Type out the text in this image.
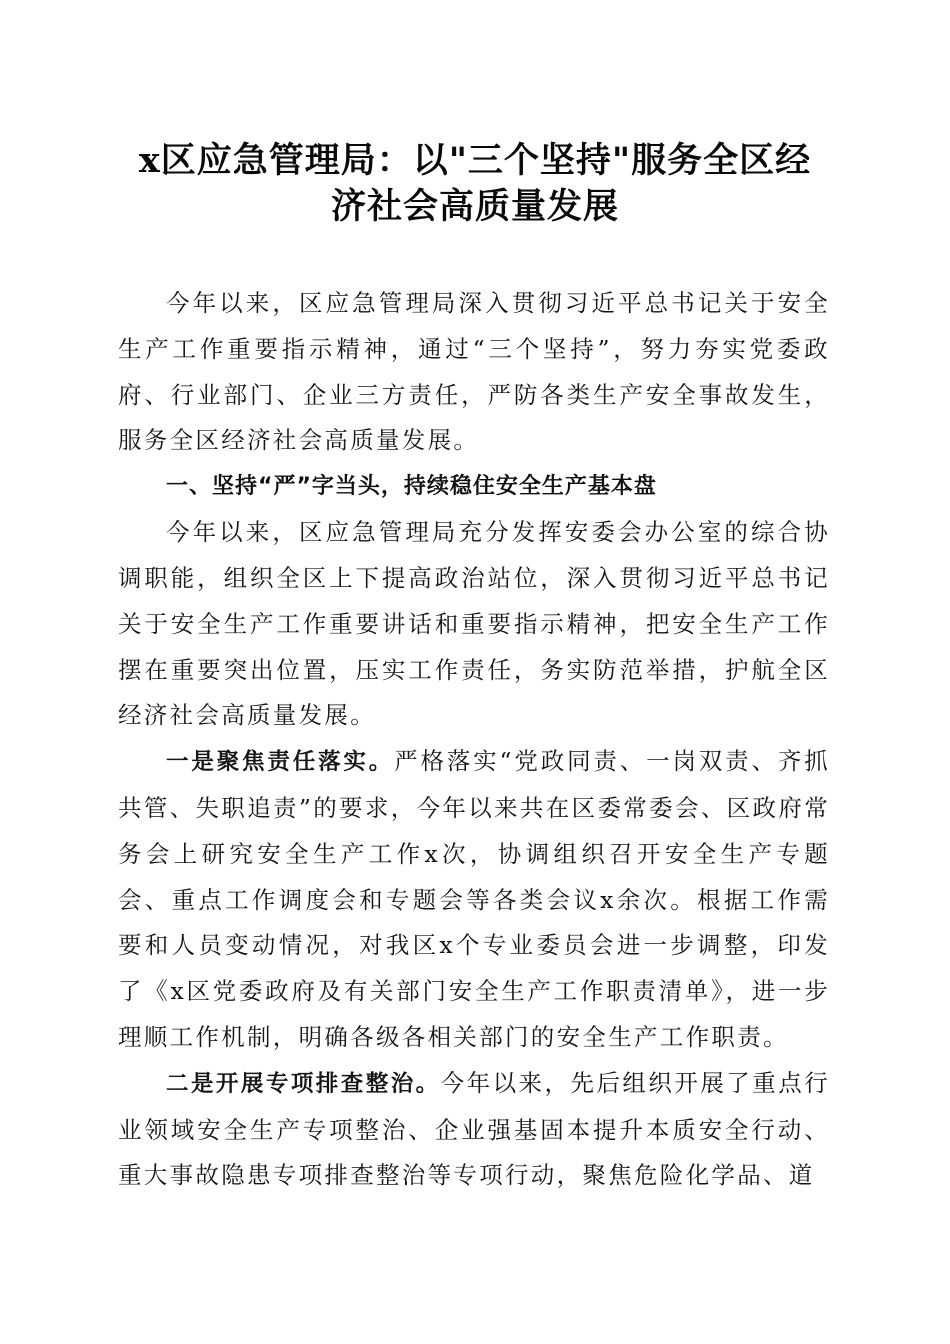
x区应急管理局：以"三个坚持"服务全区经
济社会高质量发展

今年以来，区应急管理局深入贯彻习近平总书记关于安全生产工作重要指示精神，通过“三个坚持”，努力夯实党委政府、行业部门、企业三方责任，严防各类生产安全事故发生，服务全区经济社会高质量发展。

一、坚持“严”字当头，持续稳住安全生产基本盘

今年以来，区应急管理局充分发挥安委会办公室的综合协调职能，组织全区上下提高政治站位，深入贯彻习近平总书记关于安全生产工作重要讲话和重要指示精神，把安全生产工作摆在重要突出位置，压实工作责任，务实防范举措，护航全区经济社会高质量发展。

一是聚焦责任落实。严格落实“党政同责、一岗双责、齐抓共管、失职追责”的要求，今年以来共在区委常委会、区政府常务会上研究安全生产工作x次，协调组织召开安全生产专题会、重点工作调度会和专题会等各类会议x余次。根据工作需要和人员变动情况，对我区x个专业委员会进一步调整，印发了《x区党委政府及有关部门安全生产工作职责清单》，进一步理顺工作机制，明确各级各相关部门的安全生产工作职责。

二是开展专项排查整治。今年以来，先后组织开展了重点行业领域安全生产专项整治、企业强基固本提升本质安全行动、重大事故隐患专项排查整治等专项行动，聚焦危险化学品、道
